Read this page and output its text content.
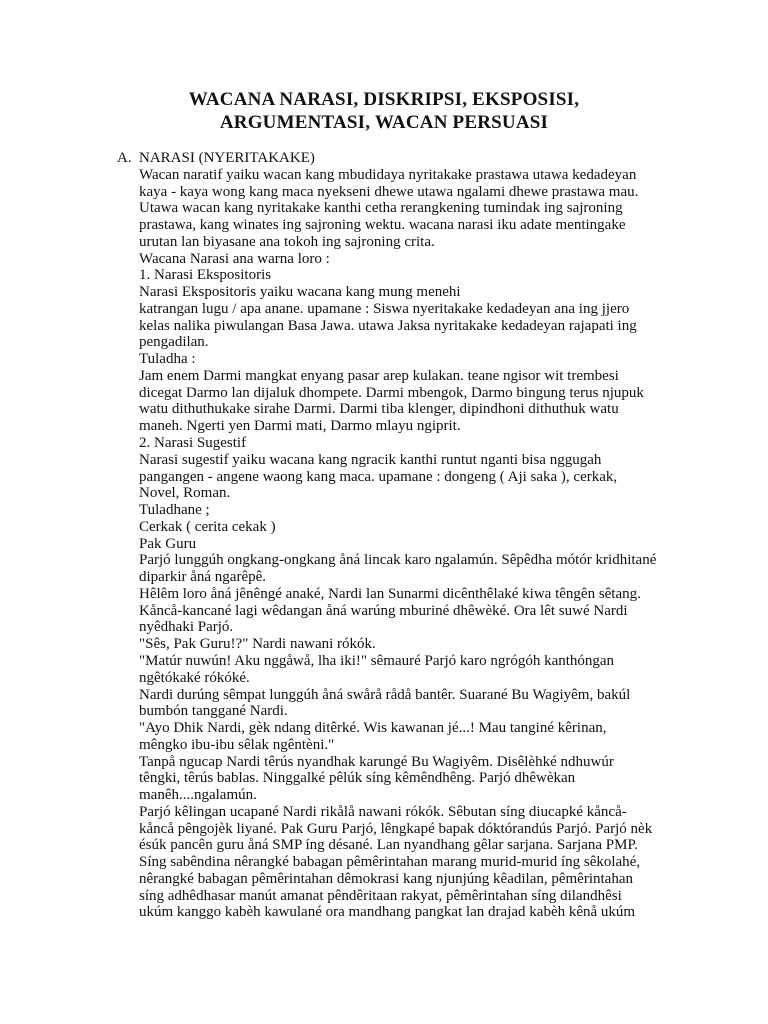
WACANA NARASI, DISKRIPSI, EKSPOSISI,
ARGUMENTASI, WACAN PERSUASI
A. NARASI (NYERITAKAKE)
Wacan naratif yaiku wacan kang mbudidaya nyritakake prastawa utawa kedadeyan
kaya - kaya wong kang maca nyekseni dhewe utawa ngalami dhewe prastawa mau.
Utawa wacan kang nyritakake kanthi cetha rerangkening tumindak ing sajroning
prastawa, kang winates ing sajroning wektu. wacana narasi iku adate mentingake
urutan lan biyasane ana tokoh ing sajroning crita.
Wacana Narasi ana warna loro :
1. Narasi Ekspositoris
Narasi Ekspositoris yaiku wacana kang mung menehi
katrangan lugu / apa anane. upamane : Siswa nyeritakake kedadeyan ana ing jjero
kelas nalika piwulangan Basa Jawa. utawa Jaksa nyritakake kedadeyan rajapati ing
pengadilan.
Tuladha :
Jam enem Darmi mangkat enyang pasar arep kulakan. teane ngisor wit trembesi
dicegat Darmo lan dijaluk dhompete. Darmi mbengok, Darmo bingung terus njupuk
watu dithuthukake sirahe Darmi. Darmi tiba klenger, dipindhoni dithuthuk watu
maneh. Ngerti yen Darmi mati, Darmo mlayu ngiprit.
2. Narasi Sugestif
Narasi sugestif yaiku wacana kang ngracik kanthi runtut nganti bisa nggugah
pangangen - angene waong kang maca. upamane : dongeng ( Aji saka ), cerkak,
Novel, Roman.
Tuladhane ;
Cerkak ( cerita cekak )
Pak Guru
Parjó lunggúh ongkang-ongkang åná lincak karo ngalamún. Sêpêdha mótór kridhitané
diparkir åná ngarêpê.
Hêlêm loro åná jênêngé anaké, Nardi lan Sunarmi dicênthêlaké kiwa têngên sêtang.
Kåncå-kancané lagi wêdangan åná warúng mburiné dhêwèké. Ora lêt suwé Nardi
nyêdhaki Parjó.
"Sês, Pak Guru!?" Nardi nawani rókók.
"Matúr nuwún! Aku nggåwå, lha iki!" sêmauré Parjó karo ngrógóh kanthóngan
ngêtókaké rókóké.
Nardi durúng sêmpat lunggúh åná swårå rådå bantêr. Suarané Bu Wagiyêm, bakúl
bumbón tanggané Nardi.
"Ayo Dhik Nardi, gèk ndang ditêrké. Wis kawanan jé...! Mau tanginé kêrinan,
mêngko ibu-ibu sêlak ngêntèni."
Tanpå ngucap Nardi têrús nyandhak karungé Bu Wagiyêm. Disêlèhké ndhuwúr
têngki, têrús bablas. Ninggalké pêlúk síng kêmêndhêng. Parjó dhêwèkan
manêh....ngalamún.
Parjó kêlingan ucapané Nardi rikålå nawani rókók. Sêbutan síng diucapké kåncå-
kåncå pêngojèk liyané. Pak Guru Parjó, lêngkapé bapak dóktórandús Parjó. Parjó nèk
ésúk pancên guru åná SMP íng désané. Lan nyandhang gêlar sarjana. Sarjana PMP.
Síng sabêndina nêrangké babagan pêmêrintahan marang murid-murid íng sêkolahé,
nêrangké babagan pêmêrintahan dêmokrasi kang njunjúng kêadilan, pêmêrintahan
síng adhêdhasar manút amanat pêndêritaan rakyat, pêmêrintahan síng dilandhêsi
ukúm kanggo kabèh kawulané ora mandhang pangkat lan drajad kabèh kênå ukúm
